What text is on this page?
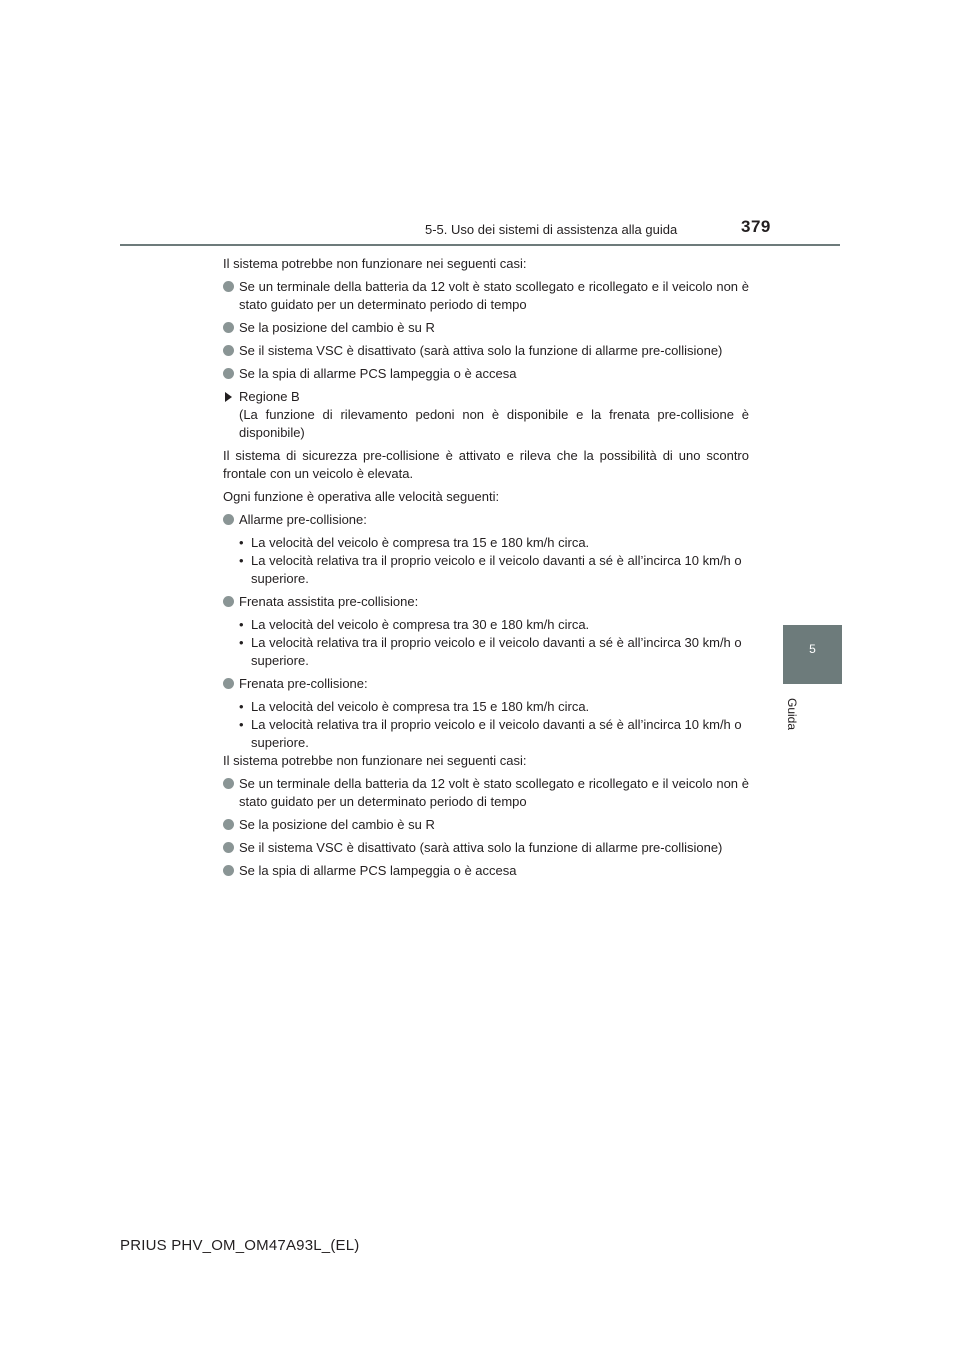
5-5. Uso dei sistemi di assistenza alla guida	379
5
Guida

Il sistema potrebbe non funzionare nei seguenti casi:

Se un terminale della batteria da 12 volt è stato scollegato e ricollegato e il veicolo non è stato guidato per un determinato periodo di tempo
Se la posizione del cambio è su R
Se il sistema VSC è disattivato (sarà attiva solo la funzione di allarme pre-collisione)
Se la spia di allarme PCS lampeggia o è accesa
Regione B
(La funzione di rilevamento pedoni non è disponibile e la frenata pre-collisione è disponibile)

Il sistema di sicurezza pre-collisione è attivato e rileva che la possibilità di uno scontro frontale con un veicolo è elevata.

Ogni funzione è operativa alle velocità seguenti:

Allarme pre-collisione:

• La velocità del veicolo è compresa tra 15 e 180 km/h circa.

• La velocità relativa tra il proprio veicolo e il veicolo davanti a sé è all’incirca 10 km/h o superiore.

Frenata assistita pre-collisione:

• La velocità del veicolo è compresa tra 30 e 180 km/h circa.

• La velocità relativa tra il proprio veicolo e il veicolo davanti a sé è all’incirca 30 km/h o superiore.

Frenata pre-collisione:

• La velocità del veicolo è compresa tra 15 e 180 km/h circa.

• La velocità relativa tra il proprio veicolo e il veicolo davanti a sé è all’incirca 10 km/h o superiore.

Il sistema potrebbe non funzionare nei seguenti casi:

Se un terminale della batteria da 12 volt è stato scollegato e ricollegato e il veicolo non è stato guidato per un determinato periodo di tempo
Se la posizione del cambio è su R
Se il sistema VSC è disattivato (sarà attiva solo la funzione di allarme pre-collisione)
Se la spia di allarme PCS lampeggia o è accesa
PRIUS PHV_OM_OM47A93L_(EL)
